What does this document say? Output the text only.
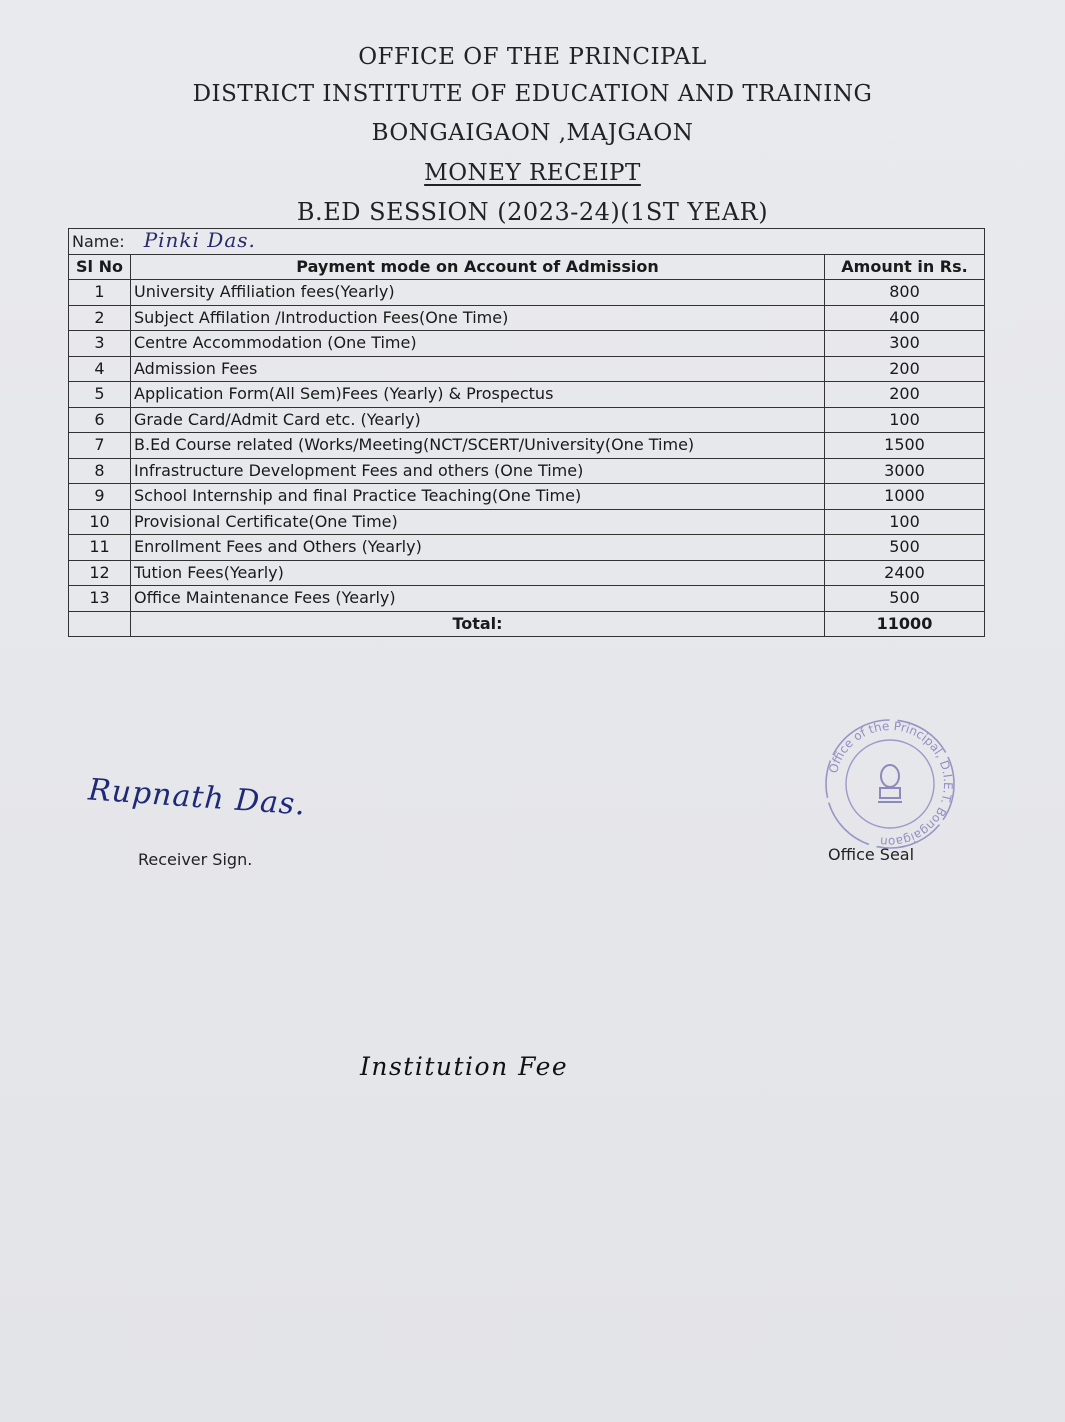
OFFICE OF THE PRINCIPAL
DISTRICT INSTITUTE OF EDUCATION AND TRAINING
BONGAIGAON ,MAJGAON
MONEY RECEIPT
B.ED SESSION (2023-24)(1ST YEAR)
Name: Pinki Das.		
Sl No	Payment mode on Account of Admission	Amount in Rs.
1	University Affiliation fees(Yearly)	800
2	Subject Affilation /Introduction Fees(One Time)	400
3	Centre Accommodation (One Time)	300
4	Admission Fees	200
5	Application Form(All Sem)Fees (Yearly) & Prospectus	200
6	Grade Card/Admit Card etc. (Yearly)	100
7	B.Ed Course related (Works/Meeting(NCT/SCERT/University(One Time)	1500
8	Infrastructure Development Fees and others (One Time)	3000
9	School Internship and final Practice Teaching(One Time)	1000
10	Provisional Certificate(One Time)	100
11	Enrollment Fees and Others (Yearly)	500
12	Tution Fees(Yearly)	2400
13	Office Maintenance Fees (Yearly)	500
	Total:	11000
Rupnath Das.
Receiver Sign.
Office of the Principal, D.I.E.T. Bongaigaon
Office Seal
Institution Fee
